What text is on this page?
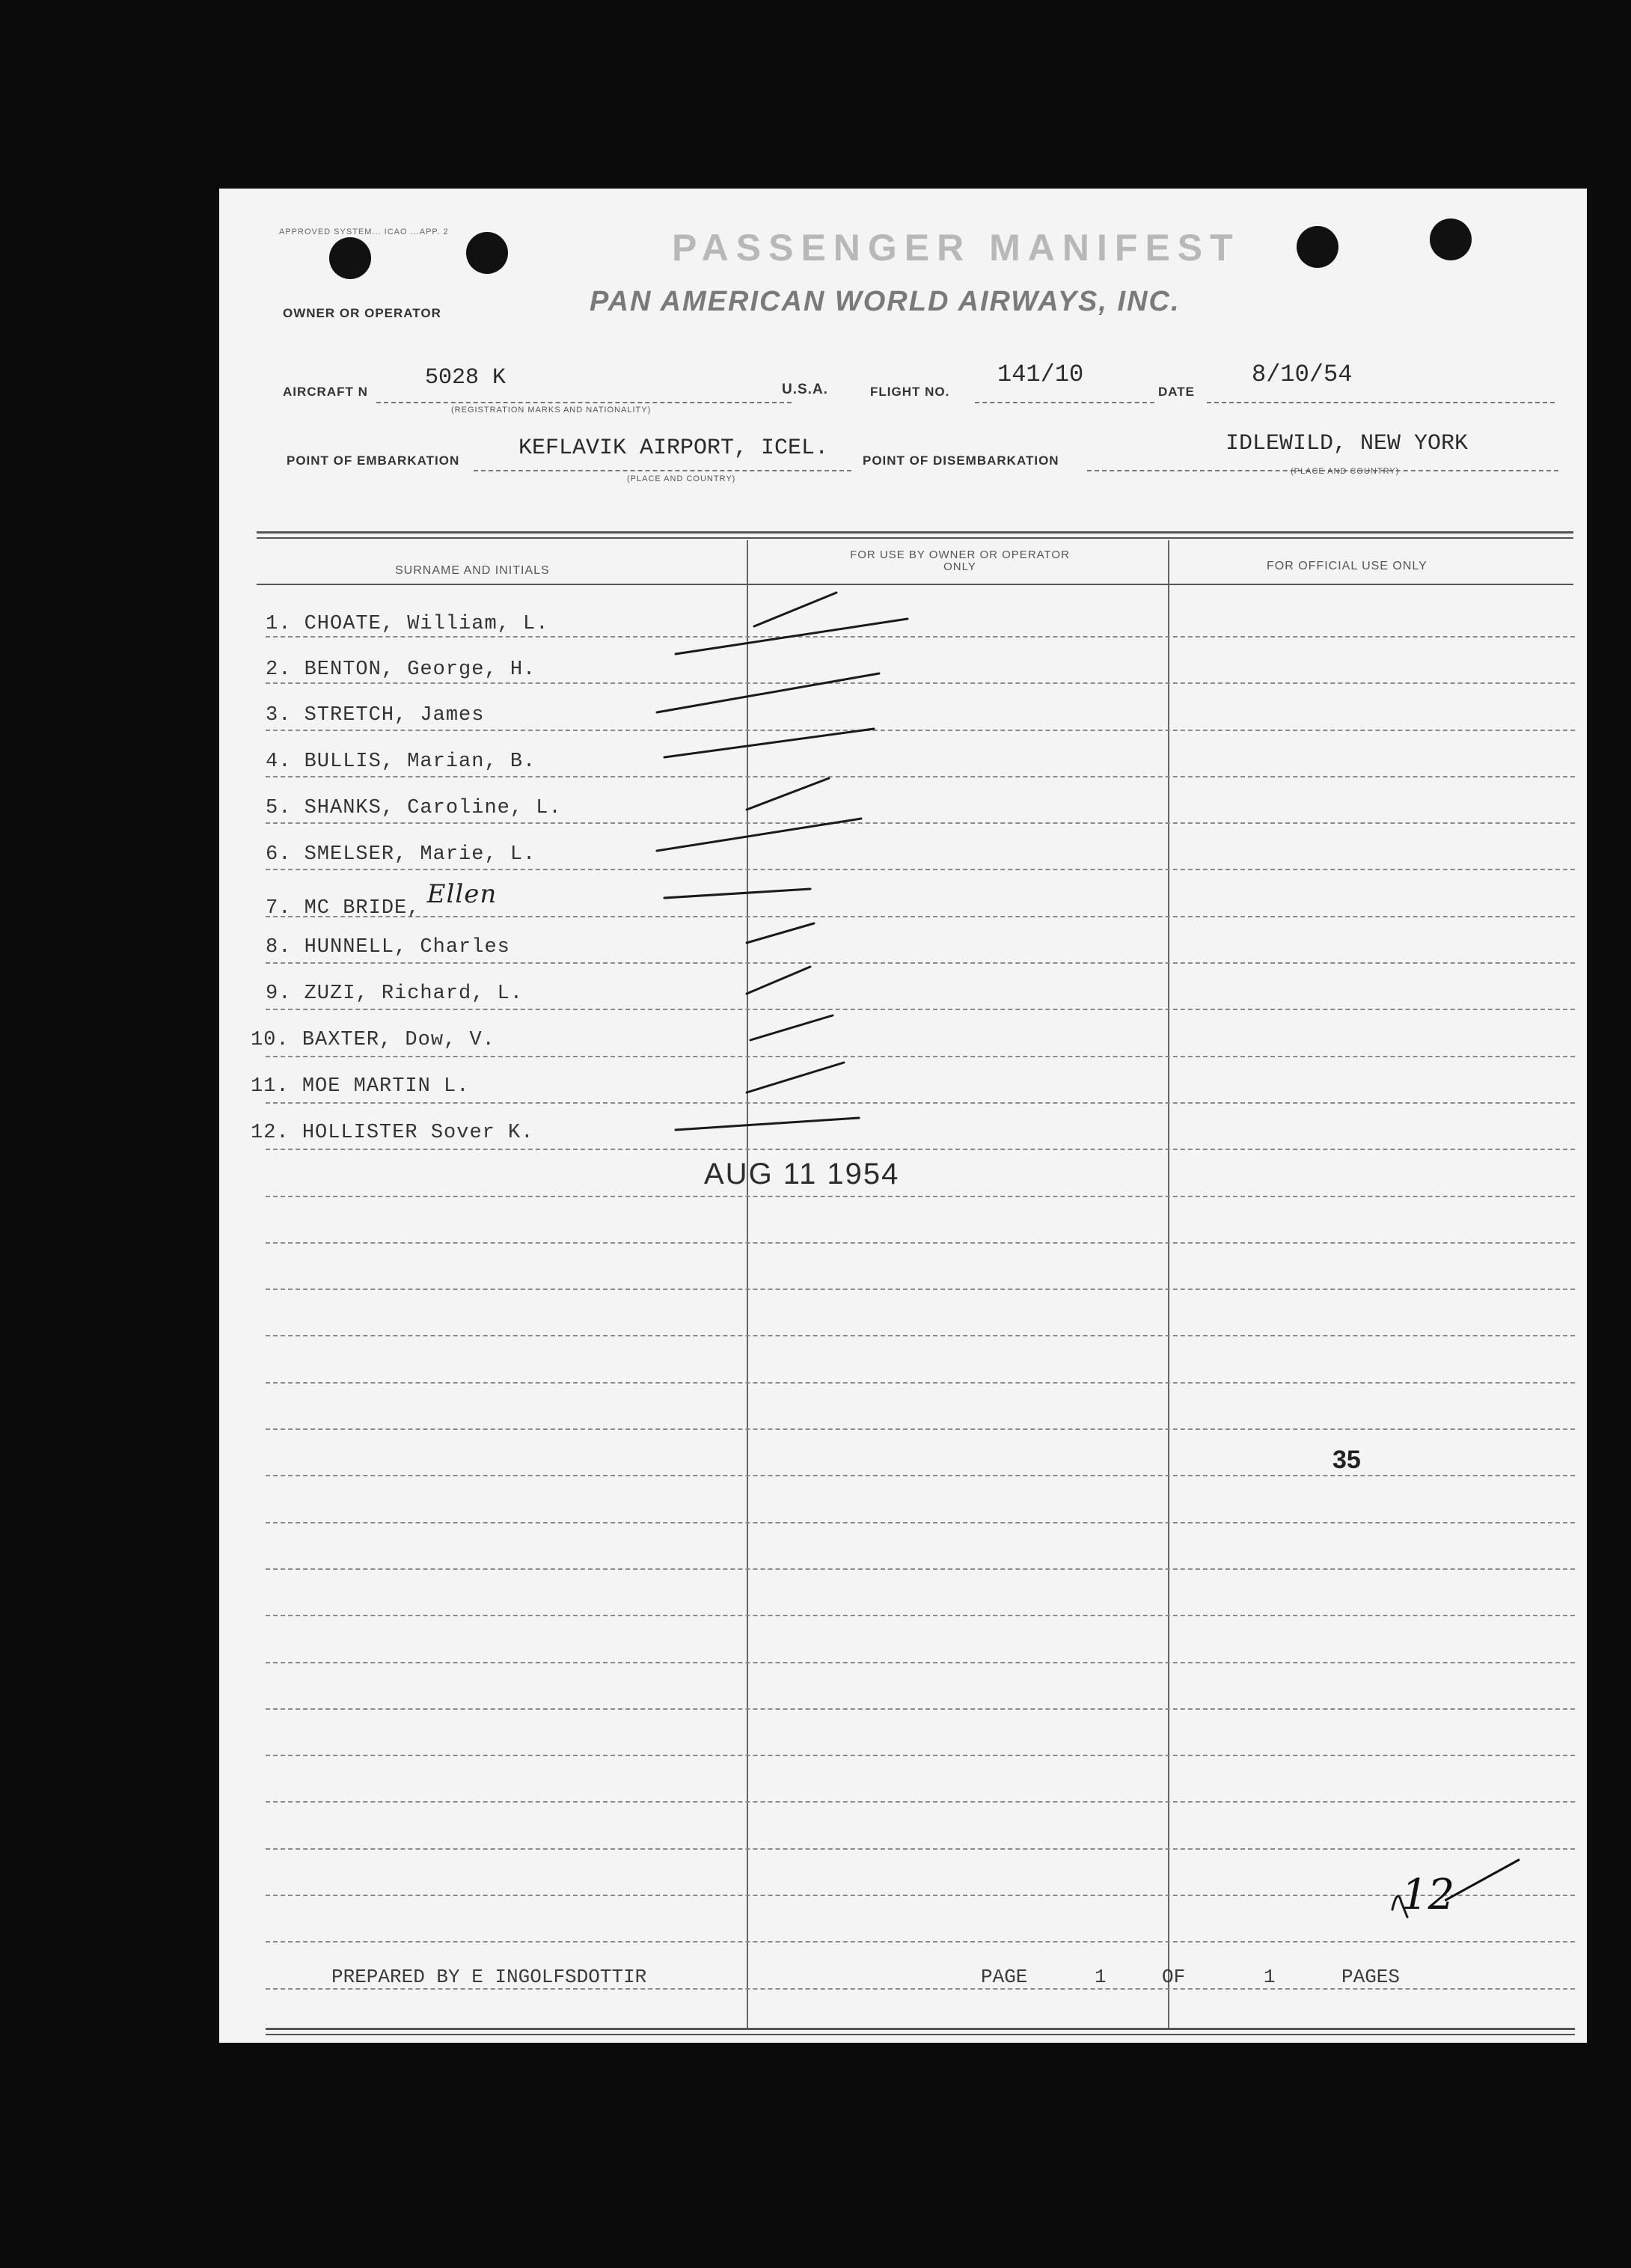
APPROVED SYSTEM... ICAO ...APP. 2	PASSENGER MANIFEST
OWNER OR OPERATOR	PAN AMERICAN WORLD AIRWAYS, INC.
AIRCRAFT N
5028 K
(REGISTRATION MARKS AND NATIONALITY)
U.S.A.	FLIGHT NO.
141/10
DATE
8/10/54
POINT OF EMBARKATION	KEFLAVIK AIRPORT, ICEL.
(PLACE AND COUNTRY)
POINT OF DISEMBARKATION
IDLEWILD, NEW YORK
(PLACE AND COUNTRY)
SURNAME AND INITIALS
FOR USE BY OWNER OR OPERATOR ONLY	FOR OFFICIAL USE ONLY
1. CHOATE, William, L.
2. BENTON, George, H.
3. STRETCH, James
4. BULLIS, Marian, B.
5. SHANKS, Caroline, L.
6. SMELSER, Marie, L.
7. MC BRIDE, Ellen
8. HUNNELL, Charles
9. ZUZI, Richard, L.
10. BAXTER, Dow, V.
11. MOE MARTIN L.
12. HOLLISTER Sover K.
AUG 11 1954
35
12
PREPARED BY E INGOLFSDOTTIR	PAGE	1	OF	1	PAGES
